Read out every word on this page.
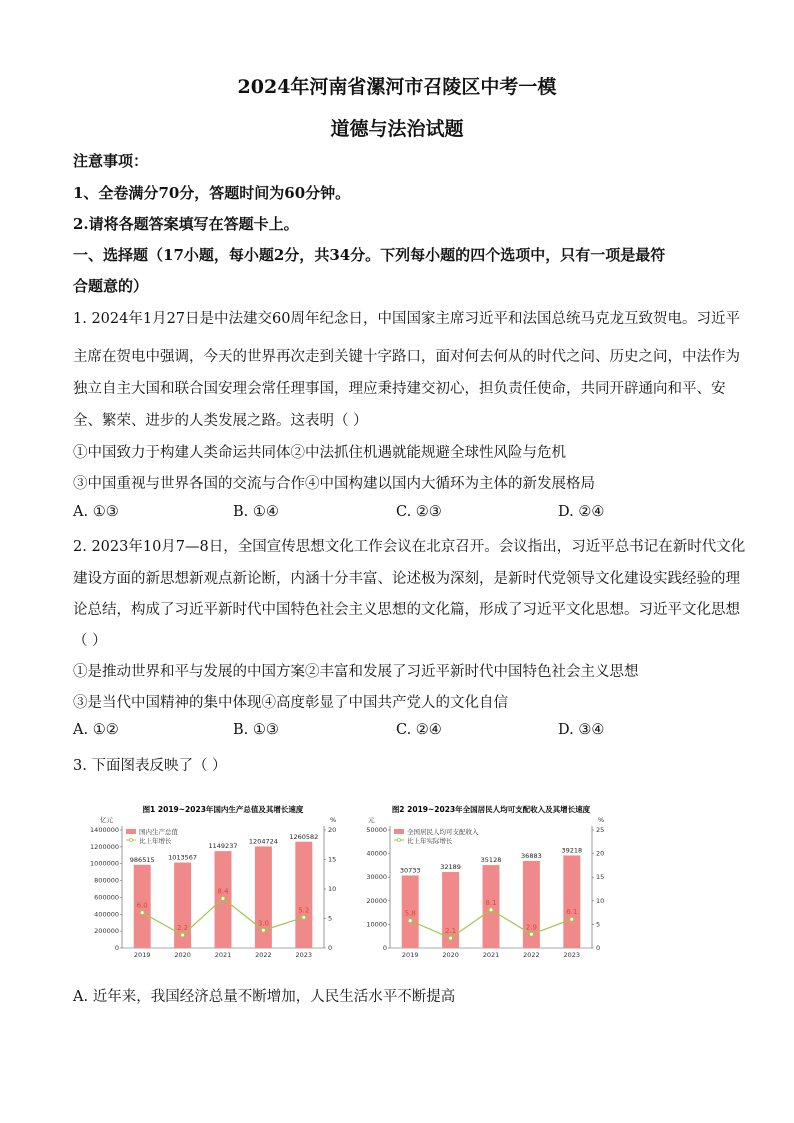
2024年河南省漯河市召陵区中考一模
道德与法治试题
注意事项：
1、全卷满分70分，答题时间为60分钟。
2.请将各题答案填写在答题卡上。
一、选择题（17小题，每小题2分，共34分。下列每小题的四个选项中，只有一项是最符
合题意的）
1. 2024年1月27日是中法建交60周年纪念日，中国国家主席习近平和法国总统马克龙互致贺电。习近平
主席在贺电中强调，今天的世界再次走到关键十字路口，面对何去何从的时代之问、历史之问，中法作为
独立自主大国和联合国安理会常任理事国，理应秉持建交初心，担负责任使命，共同开辟通向和平、安
全、繁荣、进步的人类发展之路。这表明（ ）
①中国致力于构建人类命运共同体②中法抓住机遇就能规避全球性风险与危机
③中国重视与世界各国的交流与合作④中国构建以国内大循环为主体的新发展格局
A. ①③	B. ①④	C. ②③	D. ②④
2. 2023年10月7—8日，全国宣传思想文化工作会议在北京召开。会议指出，习近平总书记在新时代文化
建设方面的新思想新观点新论断，内涵十分丰富、论述极为深刻，是新时代党领导文化建设实践经验的理
论总结，构成了习近平新时代中国特色社会主义思想的文化篇，形成了习近平文化思想。习近平文化思想
（ ）
①是推动世界和平与发展的中国方案②丰富和发展了习近平新时代中国特色社会主义思想
③是当代中国精神的集中体现④高度彰显了中国共产党人的文化自信
A. ①②	B. ①③	C. ②④	D. ③④
3. 下面图表反映了（ ）
图1 2019~2023年国内生产总值及其增长速度
亿元	%
0
200000
400000
600000
800000
1000000
1200000
1400000
0
5
10
15
20
国内生产总值
比上年增长
986515
2019
1013567
2020
1149237
2021
1204724
2022
1260582
2023
6.0
2.2
8.4
3.0
5.2
图2 2019~2023年全国居民人均可支配收入及其增长速度
元	%
0
10000
20000
30000
40000
50000
0
5
10
15
20
25
全国居民人均可支配收入
比上年实际增长
30733
2019
32189
2020
35128
2021
36883
2022
39218
2023
5.8
2.1
8.1
2.9
6.1
A. 近年来，我国经济总量不断增加，人民生活水平不断提高
